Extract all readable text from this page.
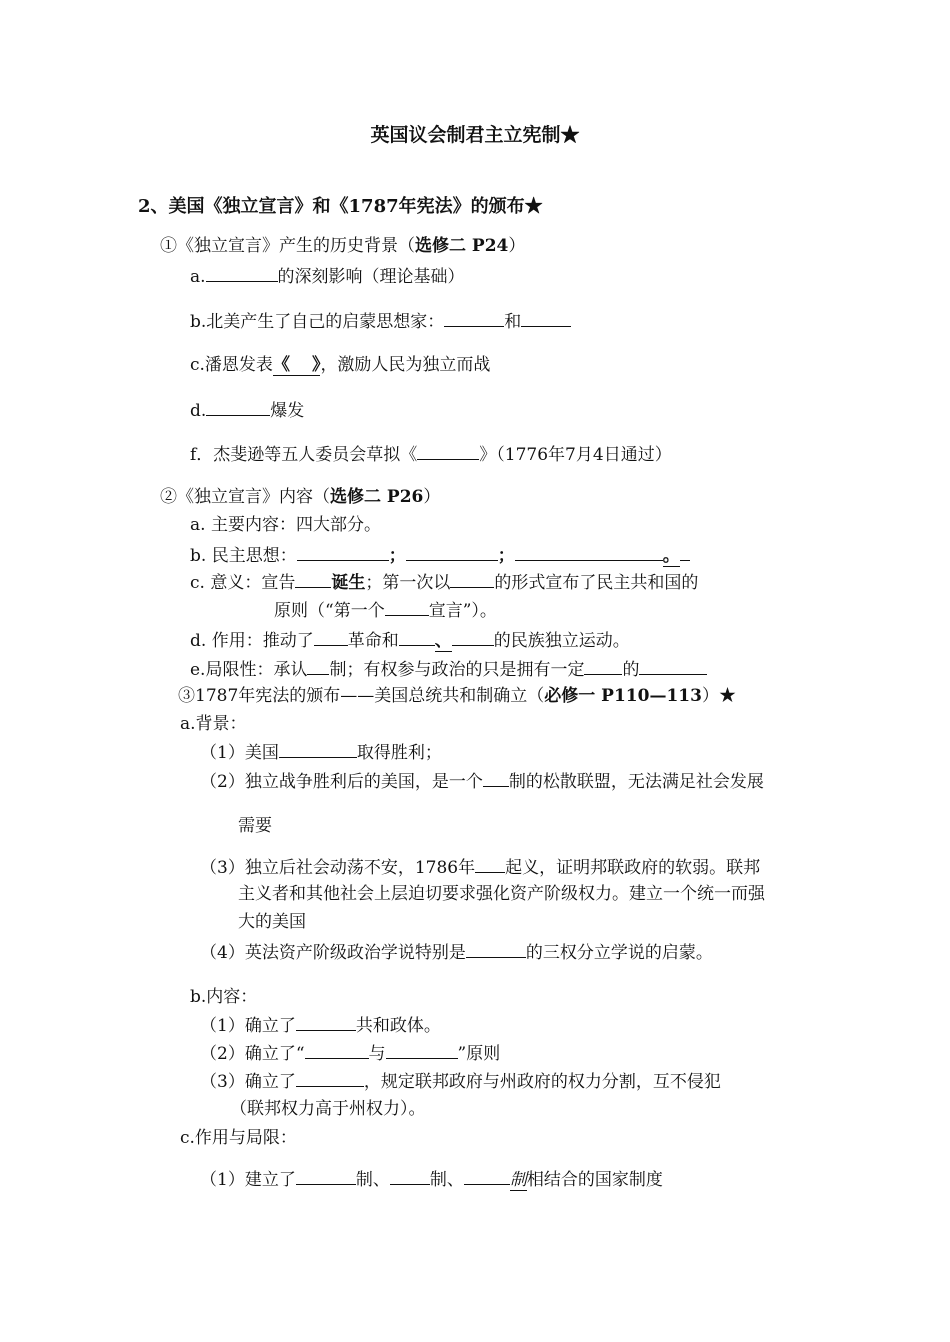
英国议会制君主立宪制★
2、美国《独立宣言》和《1787年宪法》的颁布★
①《独立宣言》产生的历史背景（选修二 P24）
a.	的深刻影响（理论基础）
b.北美产生了自己的启蒙思想家：	和
c.潘恩发表《 》，激励人民为独立而战
d.	爆发
f．杰斐逊等五人委员会草拟《	》（1776年7月4日通过）
②《独立宣言》内容（选修二 P26）
a. 主要内容：四大部分。
b. 民主思想：	；	；	。
c. 意义：宣告 诞生；第一次以	的形式宣布了民主共和国的
原则（“第一个	宣言”）。
d. 作用：推动了 革命和 、 的民族独立运动。
e.局限性：承认 制；有权参与政治的只是拥有一定 的
③1787年宪法的颁布——美国总统共和制确立（必修一 P110—113）★
a.背景：
（1）美国	取得胜利；
（2）独立战争胜利后的美国，是一个 制的松散联盟，无法满足社会发展
需要
（3）独立后社会动荡不安，1786年 起义，证明邦联政府的软弱。联邦
主义者和其他社会上层迫切要求强化资产阶级权力。建立一个统一而强
大的美国
（4）英法资产阶级政治学说特别是	的三权分立学说的启蒙。
b.内容：
（1）确立了	共和政体。
（2）确立了“	与	”原则
（3）确立了	，规定联邦政府与州政府的权力分割，互不侵犯
（联邦权力高于州权力）。
c.作用与局限：
（1）建立了	制、 制、	制相结合的国家制度
